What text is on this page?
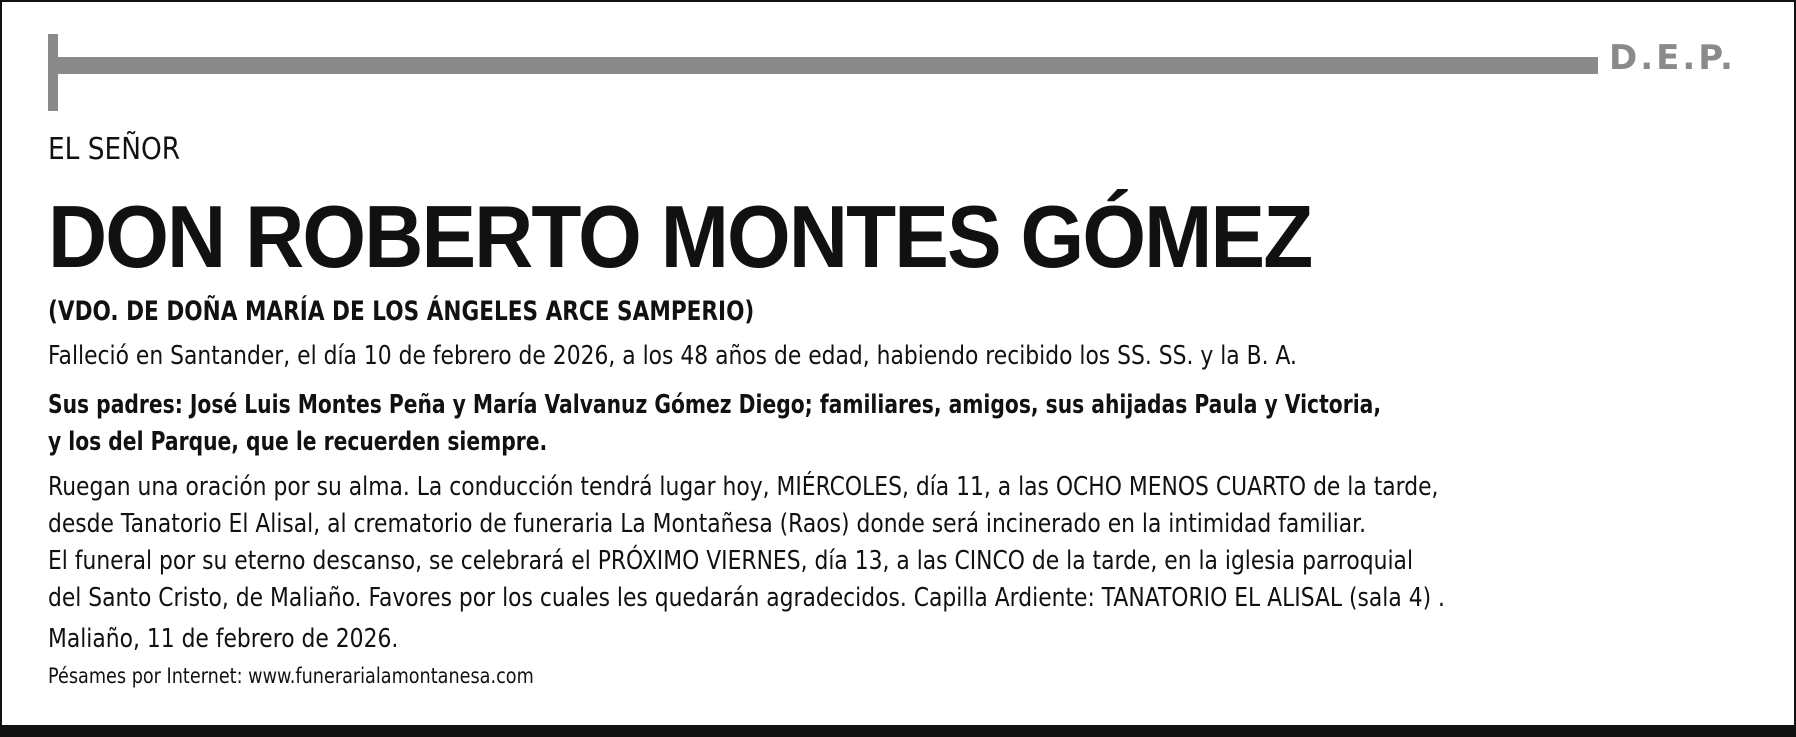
D.E.P.
EL SEÑOR
DON ROBERTO MONTES GÓMEZ
(VDO. DE DOÑA MARÍA DE LOS ÁNGELES ARCE SAMPERIO)
Falleció en Santander, el día 10 de febrero de 2026, a los 48 años de edad, habiendo recibido los SS. SS. y la B. A.
Sus padres: José Luis Montes Peña y María Valvanuz Gómez Diego; familiares, amigos, sus ahijadas Paula y Victoria,
y los del Parque, que le recuerden siempre.
Ruegan una oración por su alma. La conducción tendrá lugar hoy, MIÉRCOLES, día 11, a las OCHO MENOS CUARTO de la tarde,
desde Tanatorio El Alisal, al crematorio de funeraria La Montañesa (Raos) donde será incinerado en la intimidad familiar.
El funeral por su eterno descanso, se celebrará el PRÓXIMO VIERNES, día 13, a las CINCO de la tarde, en la iglesia parroquial
del Santo Cristo, de Maliaño. Favores por los cuales les quedarán agradecidos. Capilla Ardiente: TANATORIO EL ALISAL (sala 4) .
Maliaño, 11 de febrero de 2026.
Pésames por Internet: www.funerarialamontanesa.com
